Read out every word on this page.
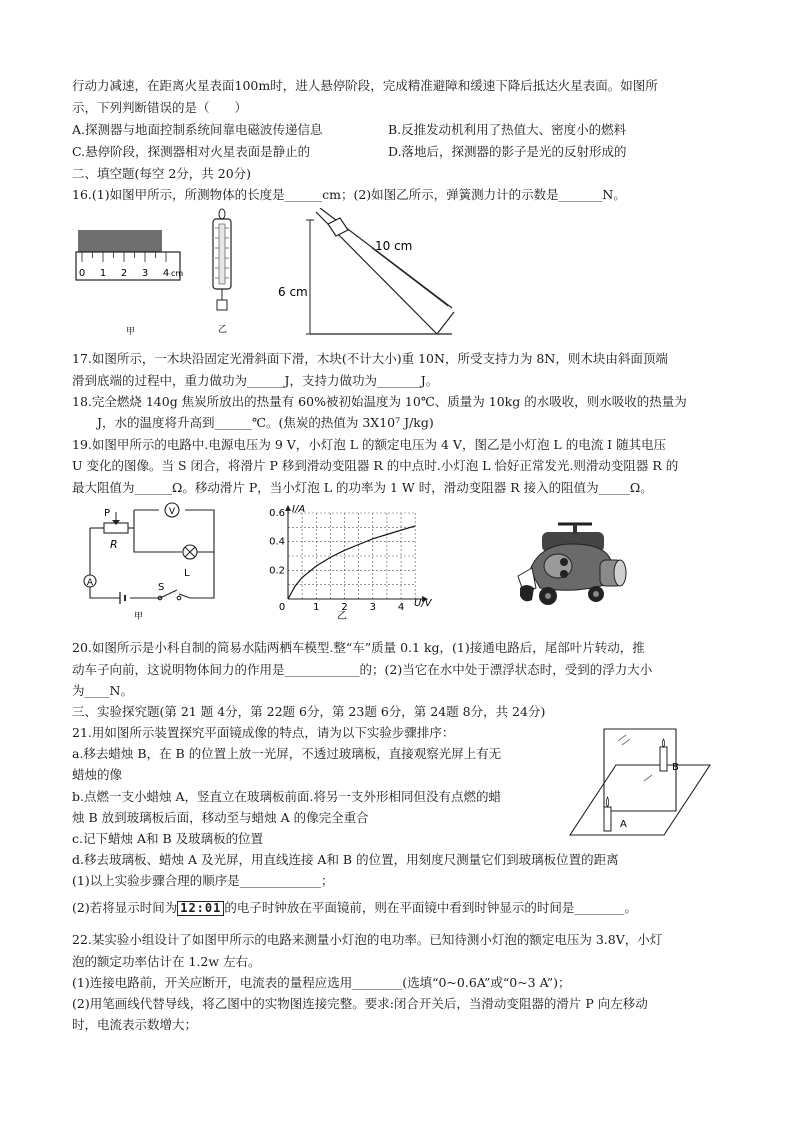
行动力减速，在距离火星表面100m时，进人悬停阶段，完成精准避障和缓速下降后抵达火星表面。如图所
示，下列判断错误的是（　　）
A.探测器与地面控制系统间靠电磁波传递信息	B.反推发动机利用了热值大、密度小的燃料
C.悬停阶段，探测器相对火星表面是静止的	D.落地后，探测器的影子是光的反射形成的
二、填空题(每空 2分，共 20分)
16.(1)如图甲所示，所测物体的长度是______cm；(2)如图乙所示，弹簧测力计的示数是_______N。
0 1 2 3 4 cm
甲	乙
10 cm
6 cm
17.如图所示，一木块沿固定光滑斜面下滑，木块(不计大小)重 10N，所受支持力为 8N，则木块由斜面顶端
滑到底端的过程中，重力做功为______J，支持力做功为_______J。
18.完全燃烧 140g 焦炭所放出的热量有 60%被初始温度为 10℃、质量为 10kg 的水吸收，则水吸收的热量为
　　J，水的温度将升高到______℃。(焦炭的热值为 3X10⁷ J/kg)
19.如图甲所示的电路中.电源电压为 9 V，小灯泡 L 的额定电压为 4 V，图乙是小灯泡 L 的电流 I 随其电压
U 变化的图像。当 S 闭合，将滑片 P 移到滑动变阻器 R 的中点时.小灯泡 L 恰好正常发光.则滑动变阻器 R 的
最大阻值为______Ω。移动滑片 P，当小灯泡 L 的功率为 1 W 时，滑动变阻器 R 接入的阻值为_____Ω。
V
A
P
R
L
S
甲
0	1 2 3 4
0.2
0.4
0.6 I/A
U/V
乙
20.如图所示是小科自制的简易水陆两栖车模型.整“车”质量 0.1 kg，(1)接通电路后，尾部叶片转动，推
动车子向前，这说明物体间力的作用是____________的；(2)当它在水中处于漂浮状态时，受到的浮力大小
为____N。
三、实验探究题(第 21 题 4分，第 22题 6分，第 23题 6分，第 24题 8分，共 24分)
21.用如图所示装置探究平面镜成像的特点，请为以下实验步骤排序：
a.移去蜡烛 B，在 B 的位置上放一光屏，不透过玻璃板，直接观察光屏上有无
蜡烛的像
b.点燃一支小蜡烛 A，竖直立在玻璃板前面.将另一支外形相同但没有点燃的蜡
烛 B 放到玻璃板后面，移动至与蜡烛 A 的像完全重合
c.记下蜡烛 A和 B 及玻璃板的位置
d.移去玻璃板、蜡烛 A 及光屏，用直线连接 A和 B 的位置，用刻度尺测量它们到玻璃板位置的距离
(1)以上实验步骤合理的顺序是_____________；
B
A
(2)若将显示时间为 12:01 的电子时钟放在平面镜前，则在平面镜中看到时钟显示的时间是________。
22.某实验小组设计了如图甲所示的电路来测量小灯泡的电功率。已知待测小灯泡的额定电压为 3.8V，小灯
泡的额定功率估计在 1.2w 左右。
(1)连接电路前，开关应断开，电流表的量程应选用________(选填“0~0.6A”或“0~3 A”)；
(2)用笔画线代替导线，将乙图中的实物图连接完整。要求:闭合开关后，当滑动变阻器的滑片 P 向左移动
时，电流表示数增大；
